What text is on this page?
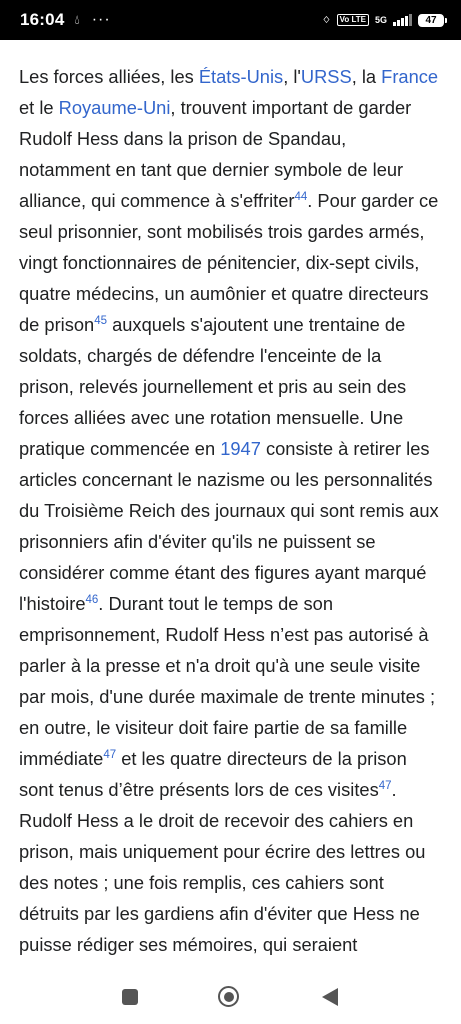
16:04 💧︎ ···	ᛜ	Vo LTE	5G	47

Les forces alliées, les États-Unis, l'URSS, la France et le Royaume-Uni, trouvent important de garder Rudolf Hess dans la prison de Spandau, notamment en tant que dernier symbole de leur alliance, qui commence à s'effriter$^{44}$. Pour garder ce seul prisonnier, sont mobilisés trois gardes armés, vingt fonctionnaires de pénitencier, dix-sept civils, quatre médecins, un aumônier et quatre directeurs de prison$^{45}$ auxquels s'ajoutent une trentaine de soldats, chargés de défendre l'enceinte de la prison, relevés journellement et pris au sein des forces alliées avec une rotation mensuelle. Une pratique commencée en 1947 consiste à retirer les articles concernant le nazisme ou les personnalités du Troisième Reich des journaux qui sont remis aux prisonniers afin d'éviter qu'ils ne puissent se considérer comme étant des figures ayant marqué l'histoire$^{46}$. Durant tout le temps de son emprisonnement, Rudolf Hess n’est pas autorisé à parler à la presse et n'a droit qu'à une seule visite par mois, d'une durée maximale de trente minutes ; en outre, le visiteur doit faire partie de sa famille immédiate$^{47}$ et les quatre directeurs de la prison sont tenus d’être présents lors de ces visites$^{47}$. Rudolf Hess a le droit de recevoir des cahiers en prison, mais uniquement pour écrire des lettres ou des notes ; une fois remplis, ces cahiers sont détruits par les gardiens afin d'éviter que Hess ne puisse rédiger ses mémoires, qui seraient
